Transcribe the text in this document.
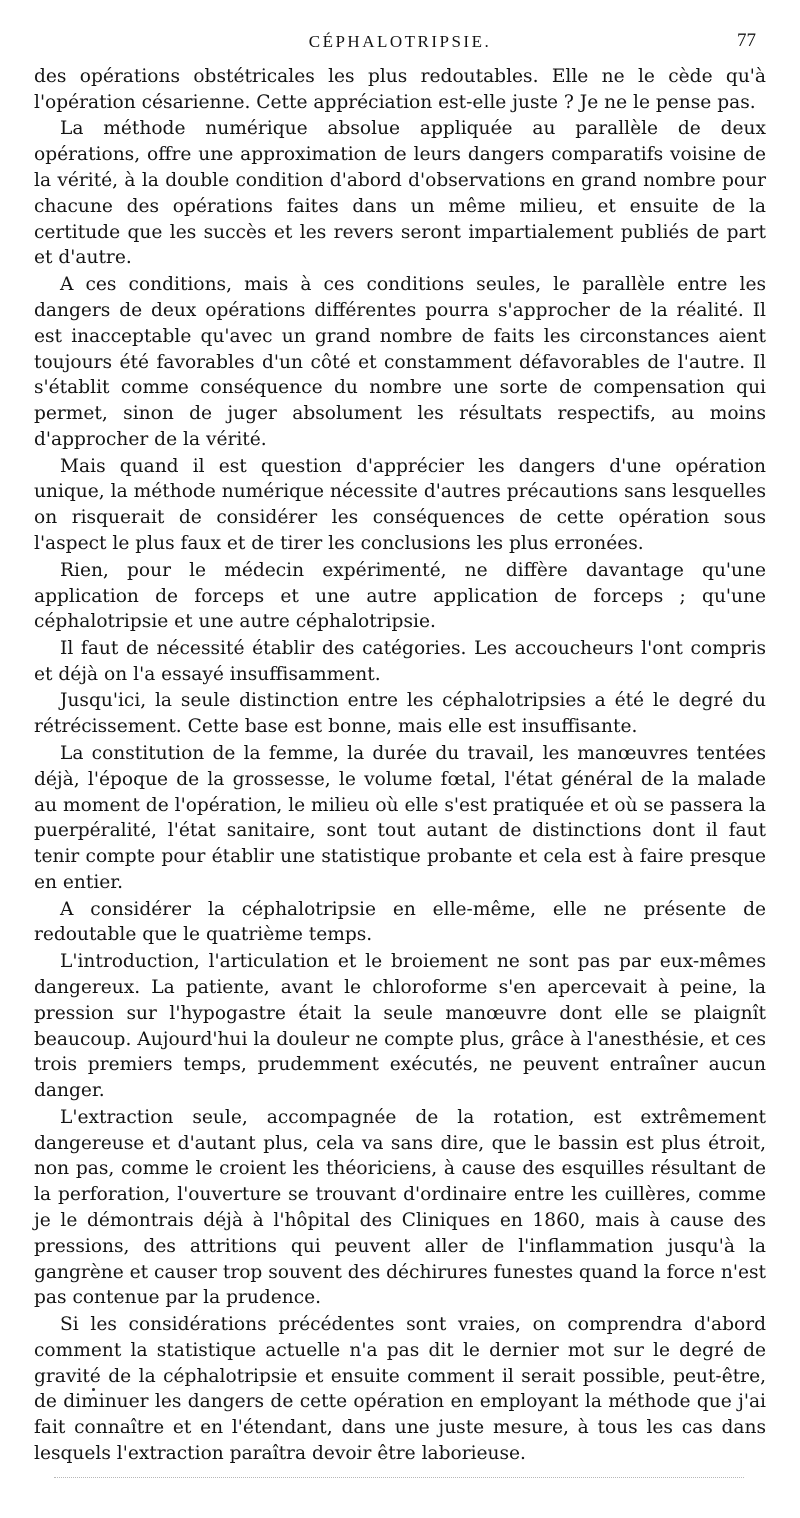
CÉPHALOTRIPSIE.	77

des opérations obstétricales les plus redoutables. Elle ne le cède qu'à l'opération césarienne. Cette appréciation est-elle juste ? Je ne le pense pas.

La méthode numérique absolue appliquée au parallèle de deux opérations, offre une approximation de leurs dangers comparatifs voisine de la vérité, à la double condition d'abord d'observations en grand nombre pour chacune des opérations faites dans un même milieu, et ensuite de la certitude que les succès et les revers seront impartialement publiés de part et d'autre.

A ces conditions, mais à ces conditions seules, le parallèle entre les dangers de deux opérations différentes pourra s'approcher de la réalité. Il est inacceptable qu'avec un grand nombre de faits les circonstances aient toujours été favorables d'un côté et constamment défavorables de l'autre. Il s'établit comme conséquence du nombre une sorte de compensation qui permet, sinon de juger absolument les résultats respectifs, au moins d'approcher de la vérité.

Mais quand il est question d'apprécier les dangers d'une opération unique, la méthode numérique nécessite d'autres précautions sans lesquelles on risquerait de considérer les conséquences de cette opération sous l'aspect le plus faux et de tirer les conclusions les plus erronées.

Rien, pour le médecin expérimenté, ne diffère davantage qu'une application de forceps et une autre application de forceps ; qu'une céphalotripsie et une autre céphalotripsie.

Il faut de nécessité établir des catégories. Les accoucheurs l'ont compris et déjà on l'a essayé insuffisamment.

Jusqu'ici, la seule distinction entre les céphalotripsies a été le degré du rétrécissement. Cette base est bonne, mais elle est insuffisante.

La constitution de la femme, la durée du travail, les manœuvres tentées déjà, l'époque de la grossesse, le volume fœtal, l'état général de la malade au moment de l'opération, le milieu où elle s'est pratiquée et où se passera la puerpéralité, l'état sanitaire, sont tout autant de distinctions dont il faut tenir compte pour établir une statistique probante et cela est à faire presque en entier.

A considérer la céphalotripsie en elle-même, elle ne présente de redoutable que le quatrième temps.

L'introduction, l'articulation et le broiement ne sont pas par eux-mêmes dangereux. La patiente, avant le chloroforme s'en apercevait à peine, la pression sur l'hypogastre était la seule manœuvre dont elle se plaignît beaucoup. Aujourd'hui la douleur ne compte plus, grâce à l'anesthésie, et ces trois premiers temps, prudemment exécutés, ne peuvent entraîner aucun danger.

L'extraction seule, accompagnée de la rotation, est extrêmement dangereuse et d'autant plus, cela va sans dire, que le bassin est plus étroit, non pas, comme le croient les théoriciens, à cause des esquilles résultant de la perforation, l'ouverture se trouvant d'ordinaire entre les cuillères, comme je le démontrais déjà à l'hôpital des Cliniques en 1860, mais à cause des pressions, des attritions qui peuvent aller de l'inflammation jusqu'à la gangrène et causer trop souvent des déchirures funestes quand la force n'est pas contenue par la prudence.

Si les considérations précédentes sont vraies, on comprendra d'abord comment la statistique actuelle n'a pas dit le dernier mot sur le degré de gravité de la céphalotripsie et ensuite comment il serait possible, peut-être, de diminuer les dangers de cette opération en employant la méthode que j'ai fait connaître et en l'étendant, dans une juste mesure, à tous les cas dans lesquels l'extraction paraîtra devoir être laborieuse.
